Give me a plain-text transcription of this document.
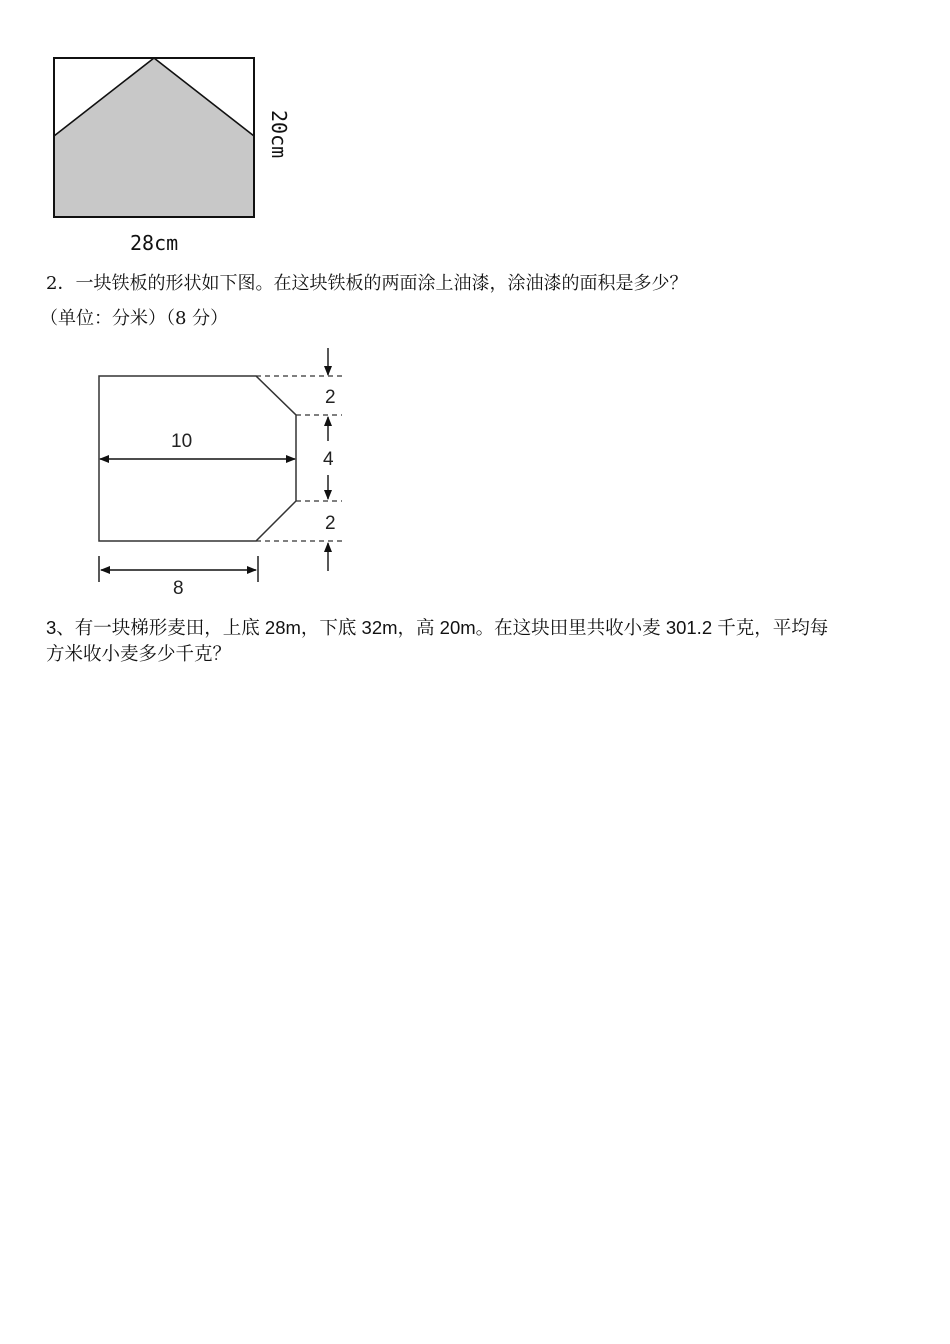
28cm
20cm
2．一块铁板的形状如下图。在这块铁板的两面涂上油漆，涂油漆的面积是多少？
（单位：分米）（8 分）
2
4
2
10
8
3、有一块梯形麦田，上底 28m，下底 32m，高 20m。在这块田里共收小麦 301.2 千克，平均每
方米收小麦多少千克？
